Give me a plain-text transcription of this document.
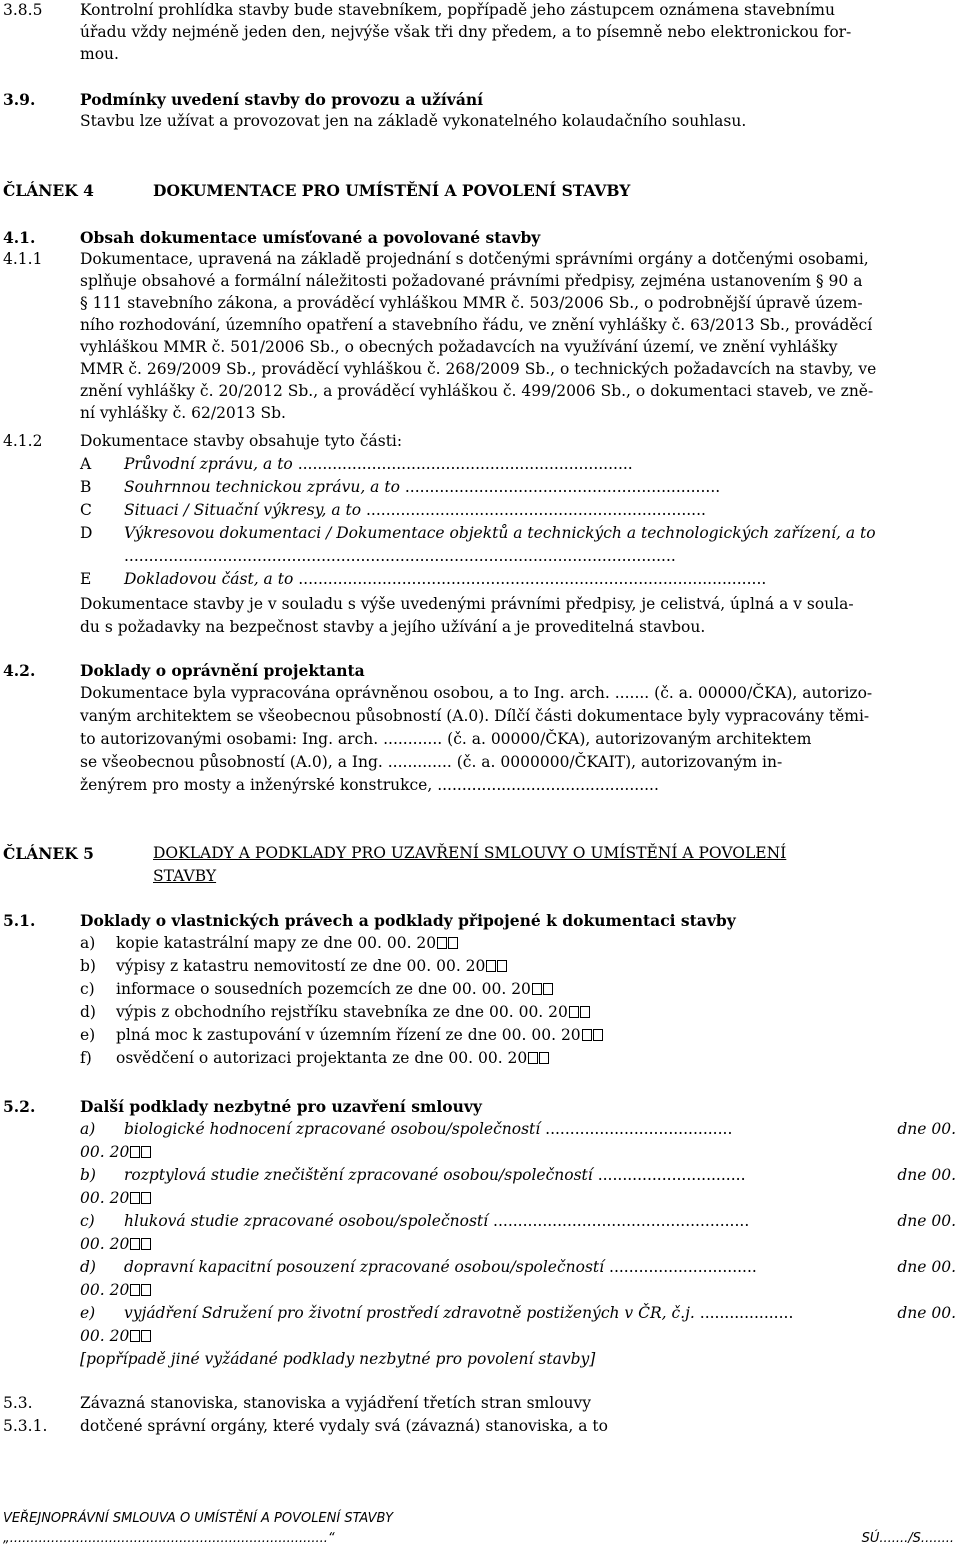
3.8.5 Kontrolní prohlídka stavby bude stavebníkem, popřípadě jeho zástupcem oznámena stavebnímu
úřadu vždy nejméně jeden den, nejvýše však tři dny předem, a to písemně nebo elektronickou for-
mou.
3.9.	Podmínky uvedení stavby do provozu a užívání
Stavbu lze užívat a provozovat jen na základě vykonatelného kolaudačního souhlasu.
ČLÁNEK 4	DOKUMENTACE PRO UMÍSTĚNÍ A POVOLENÍ STAVBY
4.1.	Obsah dokumentace umísťované a povolované stavby
4.1.1 Dokumentace, upravená na základě projednání s dotčenými správními orgány a dotčenými osobami,
splňuje obsahové a formální náležitosti požadované právními předpisy, zejména ustanovením § 90 a
§ 111 stavebního zákona, a prováděcí vyhláškou MMR č. 503/2006 Sb., o podrobnější úpravě územ-
ního rozhodování, územního opatření a stavebního řádu, ve znění vyhlášky č. 63/2013 Sb., prováděcí
vyhláškou MMR č. 501/2006 Sb., o obecných požadavcích na využívání území, ve znění vyhlášky
MMR č. 269/2009 Sb., prováděcí vyhláškou č. 268/2009 Sb., o technických požadavcích na stavby, ve
znění vyhlášky č. 20/2012 Sb., a prováděcí vyhláškou č. 499/2006 Sb., o dokumentaci staveb, ve zně-
ní vyhlášky č. 62/2013 Sb.
4.1.2 Dokumentace stavby obsahuje tyto části:
A Průvodní zprávu, a to ....................................................................
B Souhrnnou technickou zprávu, a to ................................................................
C Situaci / Situační výkresy, a to .....................................................................
D Výkresovou dokumentaci / Dokumentace objektů a technických a technologických zařízení, a to
................................................................................................................
E Dokladovou část, a to ...............................................................................................
Dokumentace stavby je v souladu s výše uvedenými právními předpisy, je celistvá, úplná a v soula-
du s požadavky na bezpečnost stavby a jejího užívání a je proveditelná stavbou.
4.2.	Doklady o oprávnění projektanta
Dokumentace byla vypracována oprávněnou osobou, a to Ing. arch. ....... (č. a. 00000/ČKA), autorizo-
vaným architektem se všeobecnou působností (A.0). Dílčí části dokumentace byly vypracovány těmi-
to autorizovanými osobami: Ing. arch. ............ (č. a. 00000/ČKA), autorizovaným architektem
se všeobecnou působností (A.0), a Ing. ............. (č. a. 0000000/ČKAIT), autorizovaným in-
ženýrem pro mosty a inženýrské konstrukce, .............................................
ČLÁNEK 5	DOKLADY A PODKLADY PRO UZAVŘENÍ SMLOUVY O UMÍSTĚNÍ A POVOLENÍ
STAVBY
5.1.	Doklady o vlastnických právech a podklady připojené k dokumentaci stavby
a) kopie katastrální mapy ze dne 00. 00. 20
b) výpisy z katastru nemovitostí ze dne 00. 00. 20
c) informace o sousedních pozemcích ze dne 00. 00. 20
d) výpis z obchodního rejstříku stavebníka ze dne 00. 00. 20
e) plná moc k zastupování v územním řízení ze dne 00. 00. 20
f) osvědčení o autorizaci projektanta ze dne 00. 00. 20
5.2.	Další podklady nezbytné pro uzavření smlouvy
a) biologické hodnocení zpracované osobou/společností ......................................	dne 00.
00. 20
b) rozptylová studie znečištění zpracované osobou/společností ..............................	dne 00.
00. 20
c) hluková studie zpracované osobou/společností ....................................................	dne 00.
00. 20
d) dopravní kapacitní posouzení zpracované osobou/společností ..............................	dne 00.
00. 20
e) vyjádření Sdružení pro životní prostředí zdravotně postižených v ČR, č.j. ...................	dne 00.
00. 20
[popřípadě jiné vyžádané podklady nezbytné pro povolení stavby]
5.3.	Závazná stanoviska, stanoviska a vyjádření třetích stran smlouvy
5.3.1. dotčené správní orgány, které vydaly svá (závazná) stanoviska, a to
VEŘEJNOPRÁVNÍ SMLOUVA O UMÍSTĚNÍ A POVOLENÍ STAVBY
„.............................................................................“	SÚ......./S........
